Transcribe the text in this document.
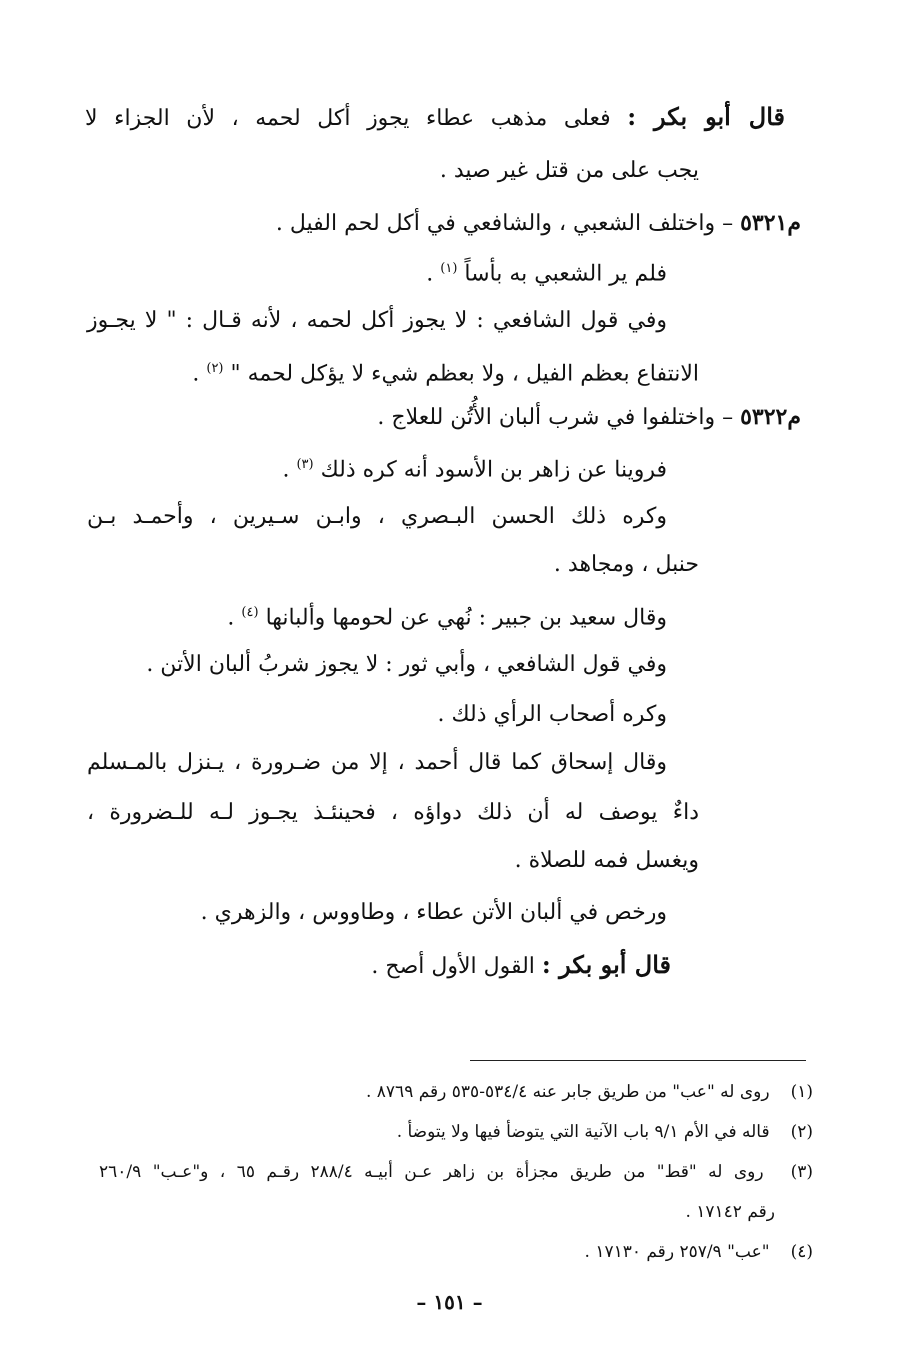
قال أبو بكر : فعلى مذهب عطاء يجوز أكل لحمه ، لأن الجزاء لا
يجب على من قتل غير صيد .
م٥٣٢١ – واختلف الشعبي ، والشافعي في أكل لحم الفيل .
فلم ير الشعبي به بأساً $^{(١)}$ .
وفي قول الشافعي : لا يجوز أكل لحمه ، لأنه قـال : " لا يجـوز
الانتفاع بعظم الفيل ، ولا بعظم شيء لا يؤكل لحمه " $^{(٢)}$ .
م٥٣٢٢ – واختلفوا في شرب ألبان الأُتُن للعلاج .
فروينا عن زاهر بن الأسود أنه كره ذلك $^{(٣)}$ .
وكره ذلك الحسن البـصري ، وابـن سـيرين ، وأحمـد بـن
حنبل ، ومجاهد .
وقال سعيد بن جبير : نُهي عن لحومها وألبانها $^{(٤)}$ .
وفي قول الشافعي ، وأبي ثور : لا يجوز شربُ ألبان الأتن .
وكره أصحاب الرأي ذلك .
وقال إسحاق كما قال أحمد ، إلا من ضـرورة ، يـنزل بالمـسلم
داءٌ يوصف له أن ذلك دواؤه ، فحينئـذ يجـوز لـه للـضرورة ،
ويغسل فمه للصلاة .
ورخص في ألبان الأتن عطاء ، وطاووس ، والزهري .
قال أبو بكر : القول الأول أصح .
(١) روى له "عب" من طريق جابر عنه ٥٣٤/٤-٥٣٥ رقم ٨٧٦٩ .
(٢) قاله في الأم ٩/١ باب الآنية التي يتوضأ فيها ولا يتوضأ .
(٣) روى له "قط" من طريق مجزأة بن زاهر عـن أبيـه ٢٨٨/٤ رقـم ٦٥ ، و"عـب" ٢٦٠/٩
رقم ١٧١٤٢ .
(٤) "عب" ٢٥٧/٩ رقم ١٧١٣٠ .
– ١٥١ –
